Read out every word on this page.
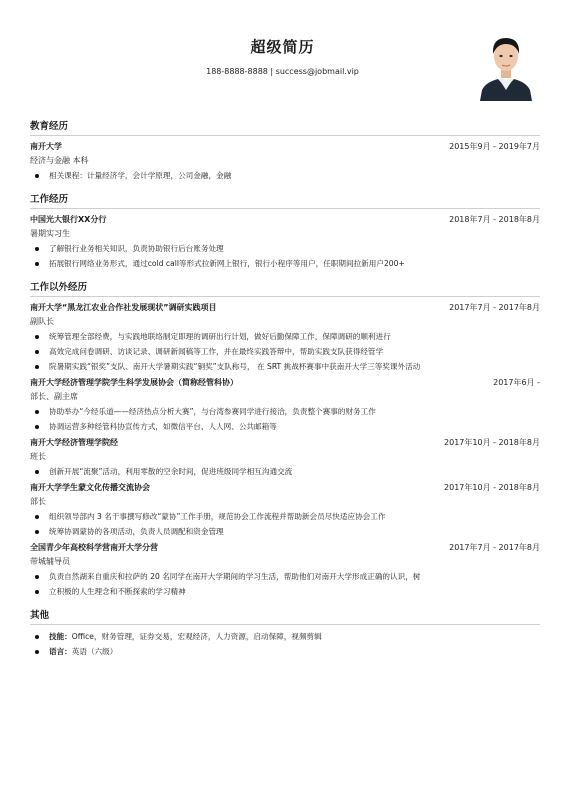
超级简历
188-8888-8888 | success@jobmail.vip
教育经历
南开大学	2015年9月 - 2019年7月
经济与金融 本科
相关课程：计量经济学，会计学原理，公司金融，金融
工作经历
中国光大银行XX分行	2018年7月 - 2018年8月
暑期实习生
了解银行业务相关知识，负责协助银行后台账务处理
拓展银行网络业务形式，通过cold call等形式拉新网上银行，银行小程序等用户，任职期间拉新用户200+
工作以外经历
南开大学“黑龙江农业合作社发展现状”调研实践项目	2017年7月 - 2017年8月
副队长
统筹管理全部经费，与实践地联络制定即理的调研出行计划，做好后勤保障工作，保障调研的顺利进行
高效完成问卷调研、访谈记录、调研新闻稿等工作，并在最终实践答辩中，帮助实践支队获得经管学
院暑期实践“银奖”支队、南开大学暑期实践“铜奖”支队称号， 在 SRT 挑战杯赛事中获南开大学三等奖课外活动
南开大学经济管理学院学生科学发展协会（简称经管科协）	2017年6月 -
部长、副主席
协助举办“今经乐道——经济热点分析大赛”，与台湾参赛同学进行接洽，负责整个赛事的财务工作
协调运营多种经管科协宣传方式，如微信平台、人人网、公共邮箱等
南开大学经济管理学院经	2017年10月 - 2018年8月
班长
创新开展“流聚”活动，利用零散的空余时间，促进班级同学相互沟通交流
南开大学学生蒙文化传播交流协会	2017年10月 - 2018年8月
部长
组织领导部内 3 名干事撰写修改“蒙协”工作手册，规范协会工作流程并帮助新会员尽快适应协会工作
统筹协调蒙协的各项活动，负责人员调配和资金管理
全国青少年高校科学营南开大学分营	2017年7月 - 2017年8月
带城辅导员
负责自然湖来自重庆和拉萨的 20 名同学在南开大学期间的学习生活，帮助他们对南开大学形成正确的认识，树
立积极的人生理念和不断探索的学习精神
其他
技能：Office，财务管理，证券交易，宏观经济，人力资源，启动保障，视频剪辑
语言：英语（六级）
